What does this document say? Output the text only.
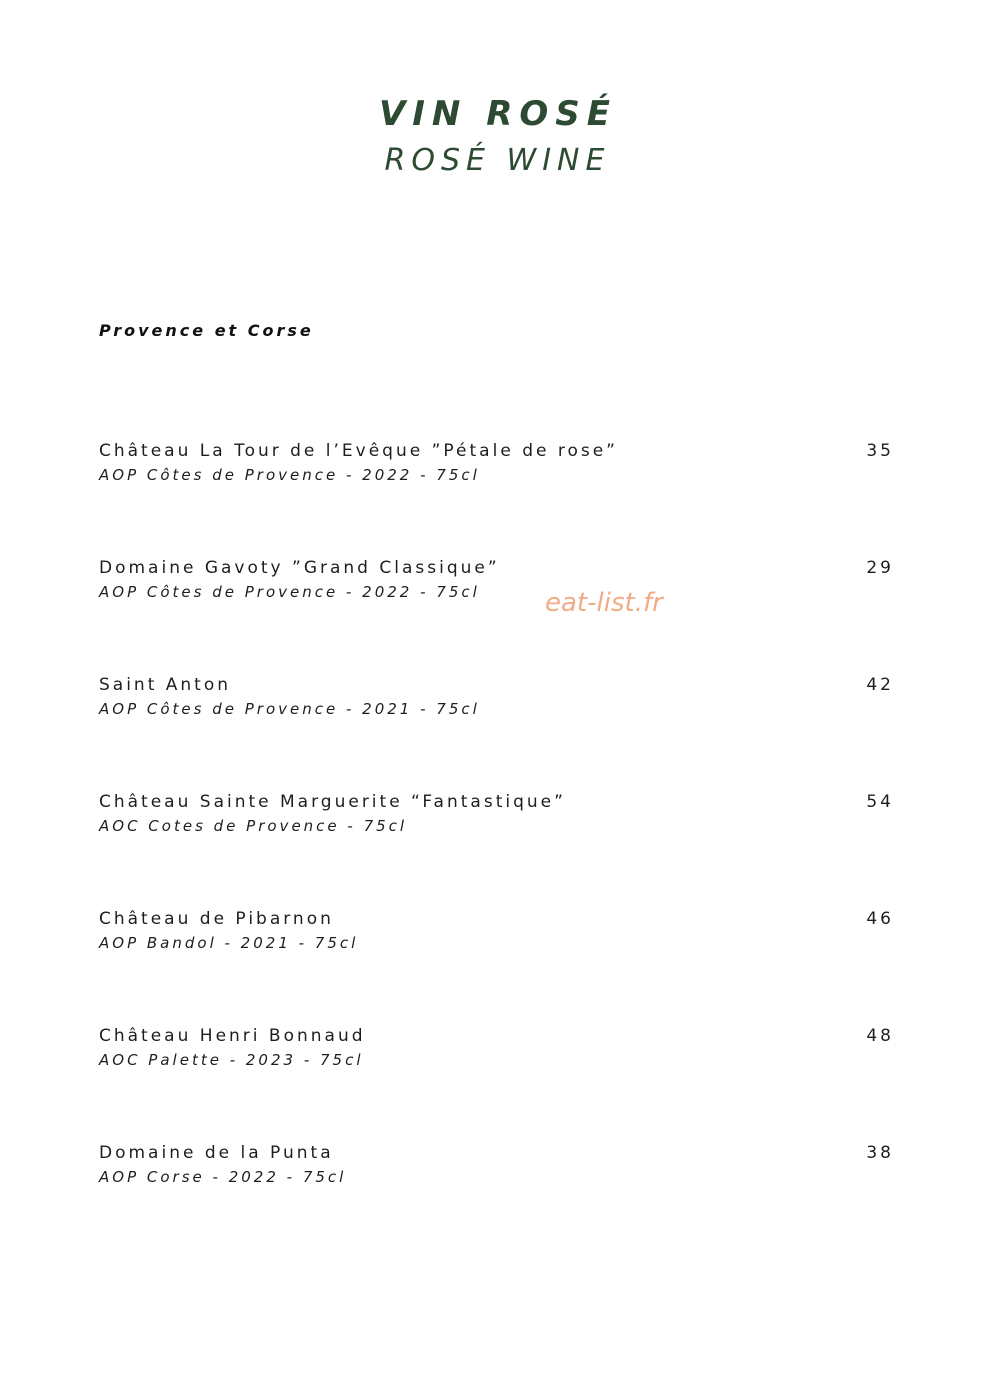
VIN ROSÉ
ROSÉ WINE
Provence et Corse
Château La Tour de l’Evêque ”Pétale de rose”
AOP Côtes de Provence - 2022 - 75cl
35
Domaine Gavoty ”Grand Classique”
AOP Côtes de Provence - 2022 - 75cl
29
Saint Anton
AOP Côtes de Provence - 2021 - 75cl
42
Château Sainte Marguerite “Fantastique”
AOC Cotes de Provence - 75cl
54
Château de Pibarnon
AOP Bandol - 2021 - 75cl
46
Château Henri Bonnaud
AOC Palette - 2023 - 75cl
48
Domaine de la Punta
AOP Corse - 2022 - 75cl
38
eat-list.fr
